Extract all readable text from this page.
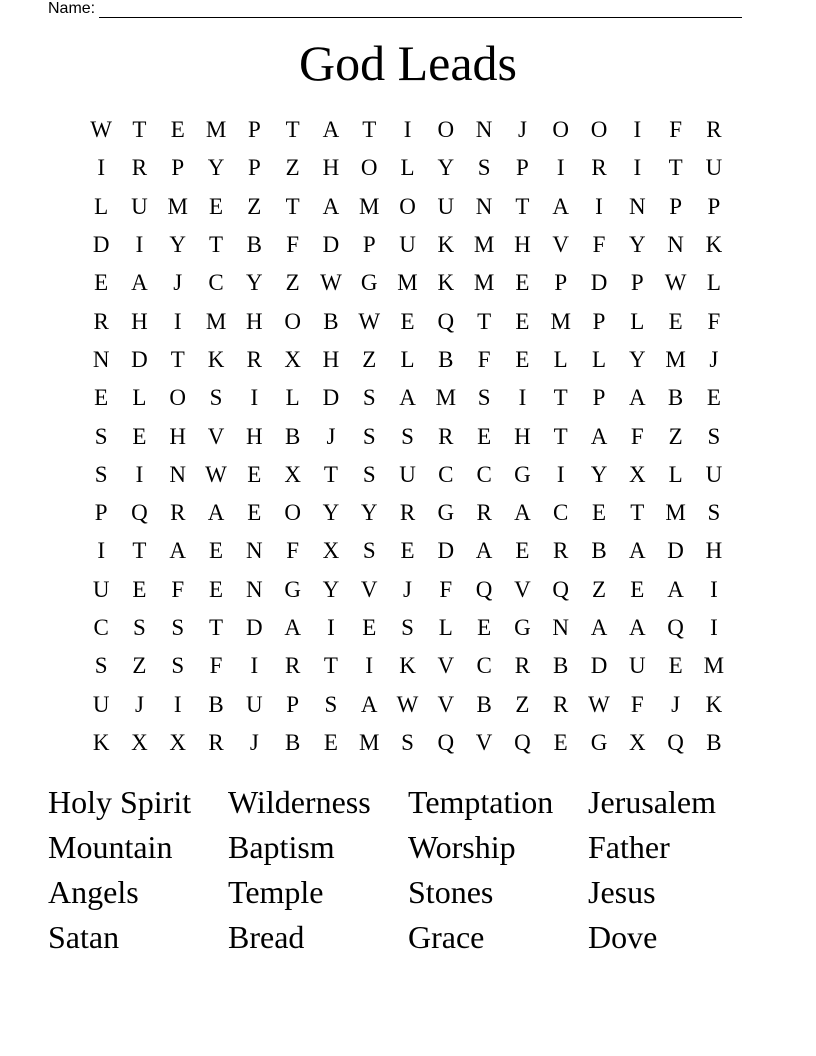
Name:
God Leads
W T	E M P	T A T	I	O N	J	O O	I	F	R
I	R	P	Y	P	Z H O L Y	S	P	I	R	I	T U
L U M E	Z	T A M O U N T A	I	N	P	P
D	I	Y T	B	F	D	P	U K M H V	F	Y N K
E A	J	C Y Z W G M K M E	P	D	P W L
R H	I	M H O B W E Q T	E M P	L	E	F
N D T K R X H Z	L	B	F	E	L	L Y M	J
E	L O	S	I	L D	S	A M S	I	T	P	A B	E
S	E H V H B	J	S	S	R	E H T A	F	Z	S
S	I	N W E X T	S	U C C G	I	Y X L U
P	Q R A E O Y Y R G R A C	E	T M S
I	T A E N	F	X	S	E D A E	R B A D H
U E	F	E N G Y V	J	F	Q V Q Z	E A	I
C	S	S	T D A	I	E	S	L	E G N A A Q	I
S	Z	S	F	I	R	T	I	K V C R B D U E M
U	J	I	B U	P	S	A W V B	Z	R W F	J	K
K X X R	J	B	E M S	Q V Q E G X Q B
Holy Spirit	Wilderness	Temptation	Jerusalem
Mountain	Baptism	Worship	Father
Angels	Temple	Stones	Jesus
Satan	Bread	Grace	Dove
